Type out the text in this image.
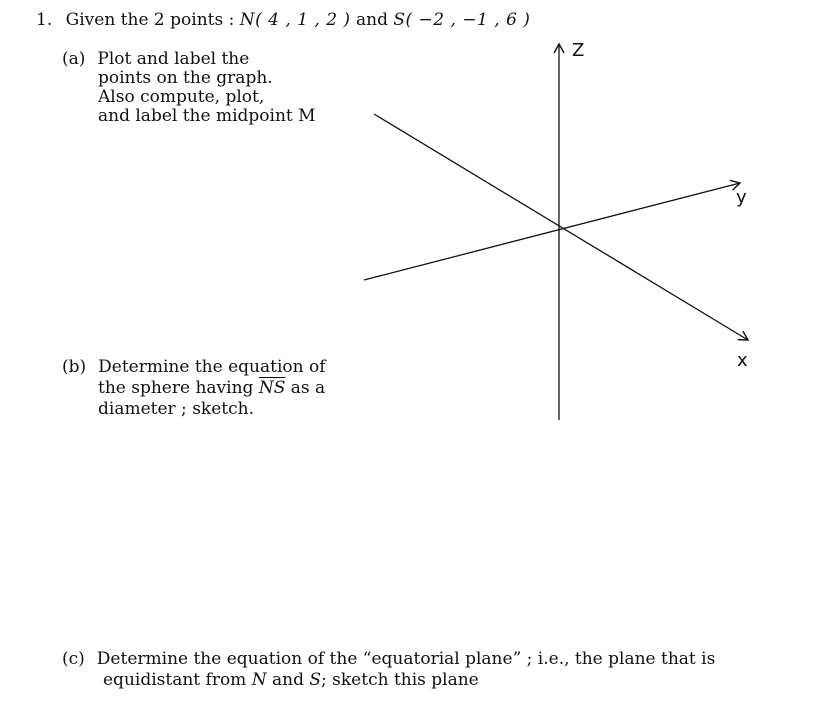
1. Given the 2 points : N( 4 , 1 , 2 ) and S( −2 , −1 , 6 )
(a) Plot and label the
points on the graph.
Also compute, plot,
and label the midpoint M
(b) Determine the equation of
the sphere having $\overline{NS}$ as a
diameter ; sketch.
(c) Determine the equation of the “equatorial plane” ; i.e., the plane that is
equidistant from N and S; sketch this plane
Z
y
x
